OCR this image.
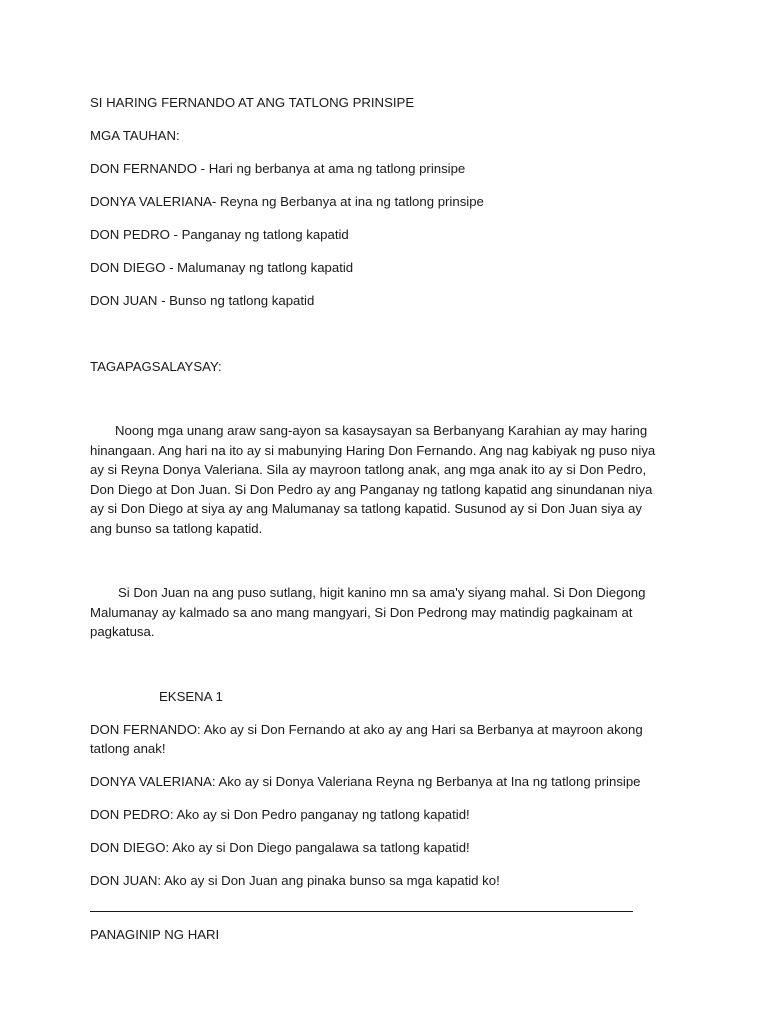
SI HARING FERNANDO AT ANG TATLONG PRINSIPE

MGA TAUHAN:

DON FERNANDO - Hari ng berbanya at ama ng tatlong prinsipe

DONYA VALERIANA- Reyna ng Berbanya at ina ng tatlong prinsipe

DON PEDRO - Panganay ng tatlong kapatid

DON DIEGO - Malumanay ng tatlong kapatid

DON JUAN - Bunso ng tatlong kapatid

TAGAPAGSALAYSAY:

Noong mga unang araw sang-ayon sa kasaysayan sa Berbanyang Karahian ay may haring hinangaan. Ang hari na ito ay si mabunying Haring Don Fernando. Ang nag kabiyak ng puso niya ay si Reyna Donya Valeriana. Sila ay mayroon tatlong anak, ang mga anak ito ay si Don Pedro, Don Diego at Don Juan. Si Don Pedro ay ang Panganay ng tatlong kapatid ang sinundanan niya ay si Don Diego at siya ay ang Malumanay sa tatlong kapatid. Susunod ay si Don Juan siya ay ang bunso sa tatlong kapatid.

Si Don Juan na ang puso sutlang, higit kanino mn sa ama'y siyang mahal. Si Don Diegong Malumanay ay kalmado sa ano mang mangyari, Si Don Pedrong may matindig pagkainam at pagkatusa.

EKSENA 1

DON FERNANDO: Ako ay si Don Fernando at ako ay ang Hari sa Berbanya at mayroon akong tatlong anak!

DONYA VALERIANA: Ako ay si Donya Valeriana Reyna ng Berbanya at Ina ng tatlong prinsipe

DON PEDRO: Ako ay si Don Pedro panganay ng tatlong kapatid!

DON DIEGO: Ako ay si Don Diego pangalawa sa tatlong kapatid!

DON JUAN: Ako ay si Don Juan ang pinaka bunso sa mga kapatid ko!

PANAGINIP NG HARI
